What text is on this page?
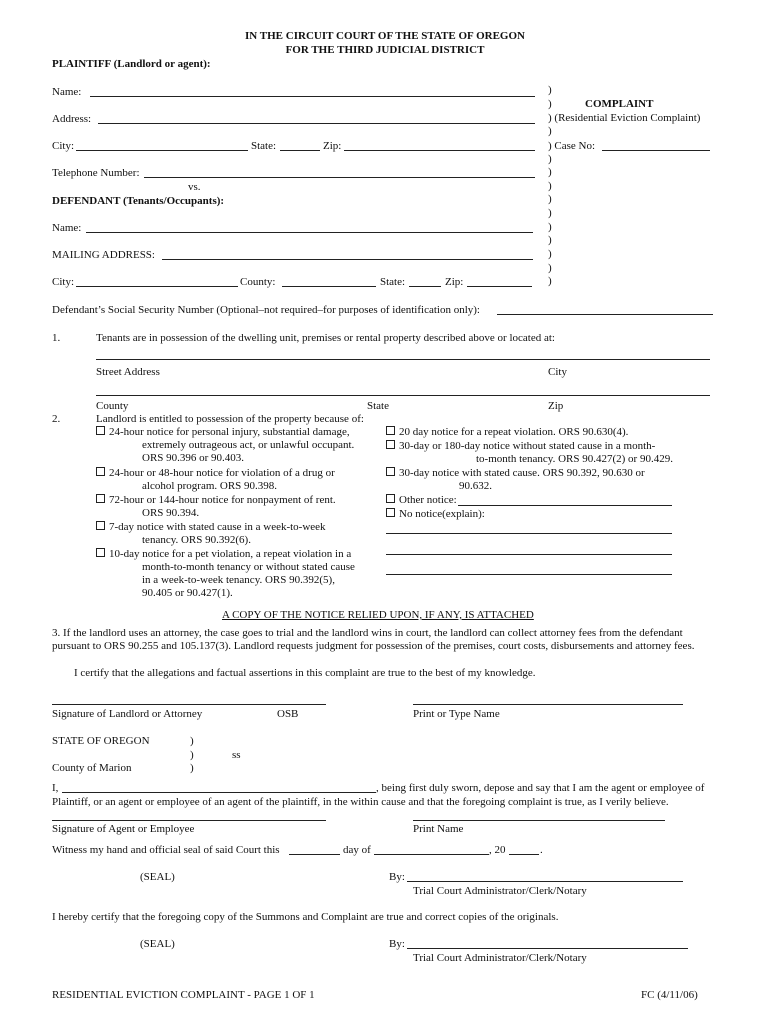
IN THE CIRCUIT COURT OF THE STATE OF OREGON
FOR THE THIRD JUDICIAL DISTRICT
PLAINTIFF (Landlord or agent):
Name:
Address:
City:	State:	Zip:
Telephone Number:
vs.
DEFENDANT (Tenants/Occupants):
Name:
MAILING ADDRESS:
City:	County:	State:	Zip:
)
)
)
)
)
)
)
)
)
)
)
)
)
COMPLAINT
) (Residential Eviction Complaint)
) Case No:
Defendant’s Social Security Number (Optional–not required–for purposes of identification only):
1.	Tenants are in possession of the dwelling unit, premises or rental property described above or located at:
Street Address	City
County	State	Zip
2.	Landlord is entitled to possession of the property because of:
24-hour notice for personal injury, substantial damage,
extremely outrageous act, or unlawful occupant.
ORS 90.396 or 90.403.
24-hour or 48-hour notice for violation of a drug or
alcohol program. ORS 90.398.
72-hour or 144-hour notice for nonpayment of rent.
ORS 90.394.
7-day notice with stated cause in a week-to-week
tenancy. ORS 90.392(6).
10-day notice for a pet violation, a repeat violation in a
month-to-month tenancy or without stated cause
in a week-to-week tenancy. ORS 90.392(5),
90.405 or 90.427(1).
20 day notice for a repeat violation. ORS 90.630(4).
30-day or 180-day notice without stated cause in a month-
to-month tenancy. ORS 90.427(2) or 90.429.
30-day notice with stated cause. ORS 90.392, 90.630 or
90.632.
Other notice:
No notice(explain):
A COPY OF THE NOTICE RELIED UPON, IF ANY, IS ATTACHED
3. If the landlord uses an attorney, the case goes to trial and the landlord wins in court, the landlord can collect attorney fees from the defendant
pursuant to ORS 90.255 and 105.137(3). Landlord requests judgment for possession of the premises, court costs, disbursements and attorney fees.
I certify that the allegations and factual assertions in this complaint are true to the best of my knowledge.
Signature of Landlord or Attorney	OSB	Print or Type Name
STATE OF OREGON	)
)	ss
County of Marion	)
I,	, being first duly sworn, depose and say that I am the agent or employee of
Plaintiff, or an agent or employee of an agent of the plaintiff, in the within cause and that the foregoing complaint is true, as I verily believe.
Signature of Agent or Employee	Print Name
Witness my hand and official seal of said Court this	day of	, 20	.
(SEAL)	By:
Trial Court Administrator/Clerk/Notary
I hereby certify that the foregoing copy of the Summons and Complaint are true and correct copies of the originals.
(SEAL)	By:
Trial Court Administrator/Clerk/Notary
RESIDENTIAL EVICTION COMPLAINT - PAGE 1 OF 1	FC (4/11/06)
